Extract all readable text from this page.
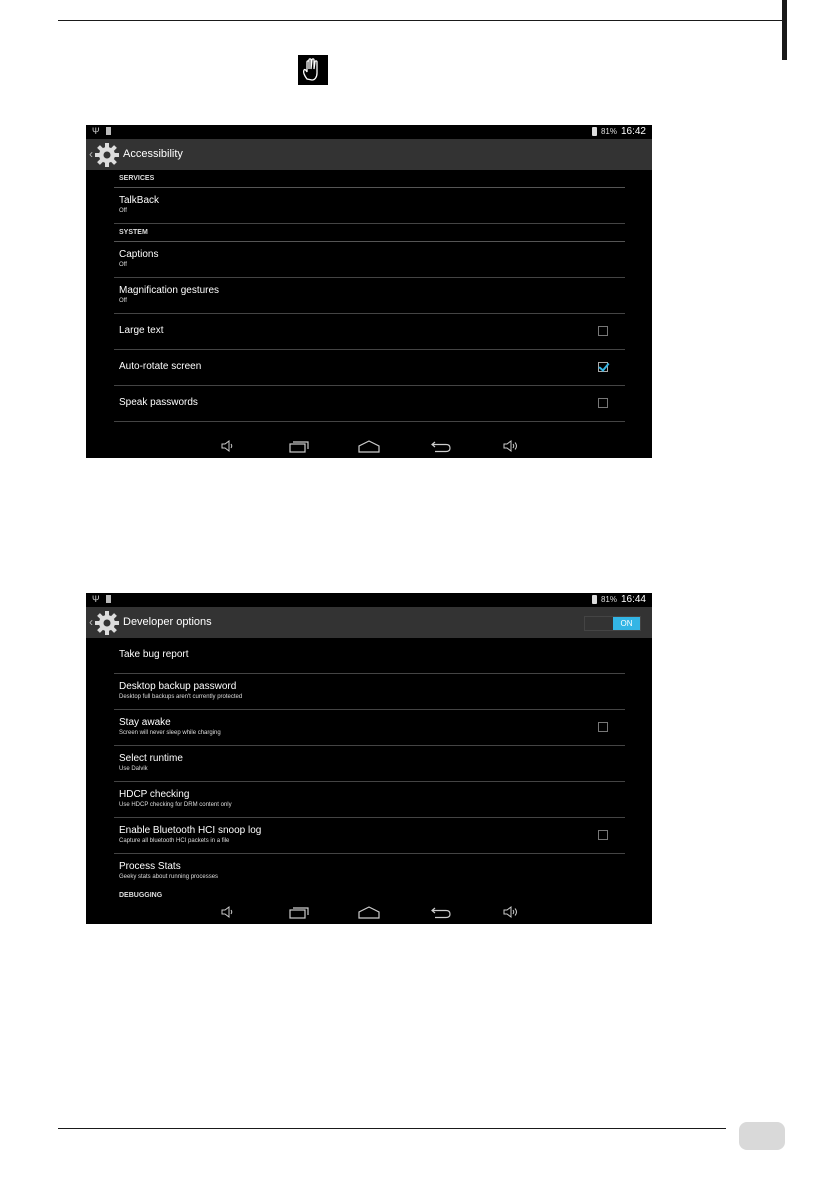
Ψ	81% 16:42
‹	Accessibility
SERVICES
TalkBack
Off
SYSTEM
Captions
Off
Magnification gestures
Off
Large text
Auto-rotate screen
Speak passwords
Ψ	81% 16:44
‹	Developer options	ON
Take bug report
Desktop backup password
Desktop full backups aren't currently protected
Stay awake
Screen will never sleep while charging
Select runtime
Use Dalvik
HDCP checking
Use HDCP checking for DRM content only
Enable Bluetooth HCI snoop log
Capture all bluetooth HCI packets in a file
Process Stats
Geeky stats about running processes
DEBUGGING
